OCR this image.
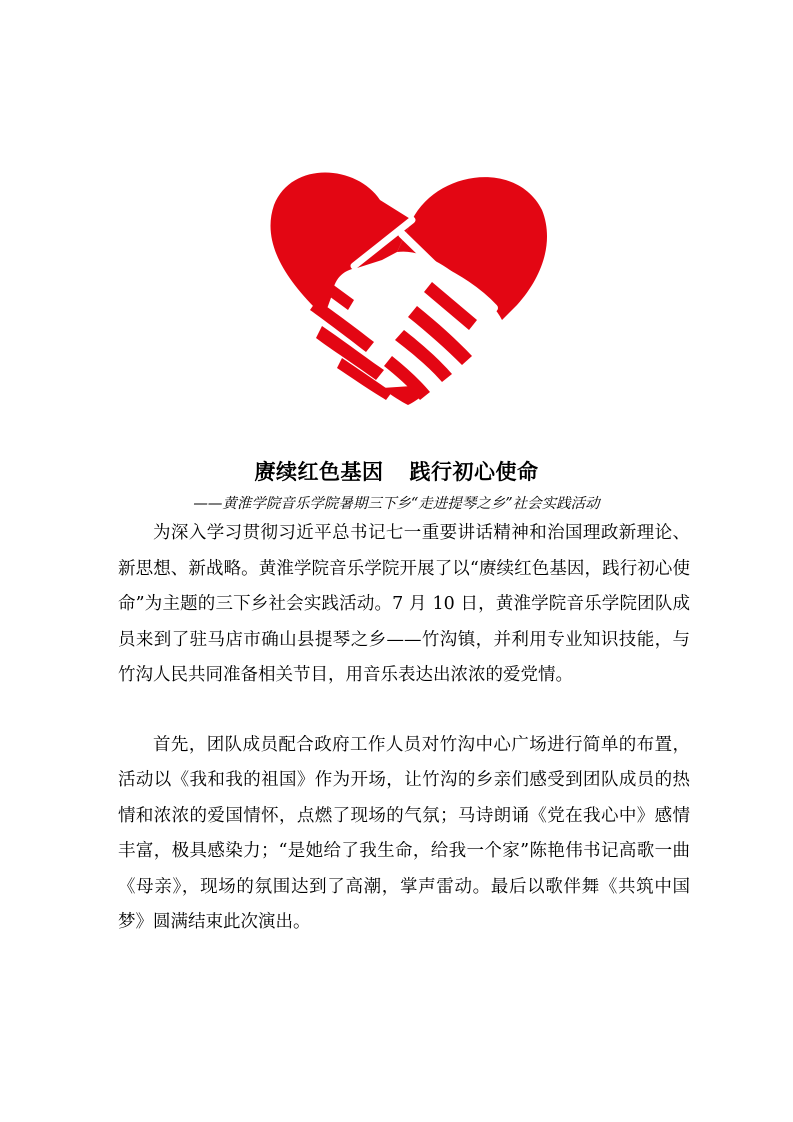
赓续红色基因 践行初心使命

——黄淮学院音乐学院暑期三下乡“走进提琴之乡”社会实践活动

为深入学习贯彻习近平总书记七一重要讲话精神和治国理政新理论、新思想、新战略。黄淮学院音乐学院开展了以“赓续红色基因，践行初心使命”为主题的三下乡社会实践活动。7 月 10 日，黄淮学院音乐学院团队成员来到了驻马店市确山县提琴之乡——竹沟镇，并利用专业知识技能，与竹沟人民共同准备相关节目，用音乐表达出浓浓的爱党情。

首先，团队成员配合政府工作人员对竹沟中心广场进行简单的布置，活动以《我和我的祖国》作为开场，让竹沟的乡亲们感受到团队成员的热情和浓浓的爱国情怀，点燃了现场的气氛；马诗朗诵《党在我心中》感情丰富，极具感染力；“是她给了我生命，给我一个家”陈艳伟书记高歌一曲《母亲》，现场的氛围达到了高潮，掌声雷动。最后以歌伴舞《共筑中国梦》圆满结束此次演出。
